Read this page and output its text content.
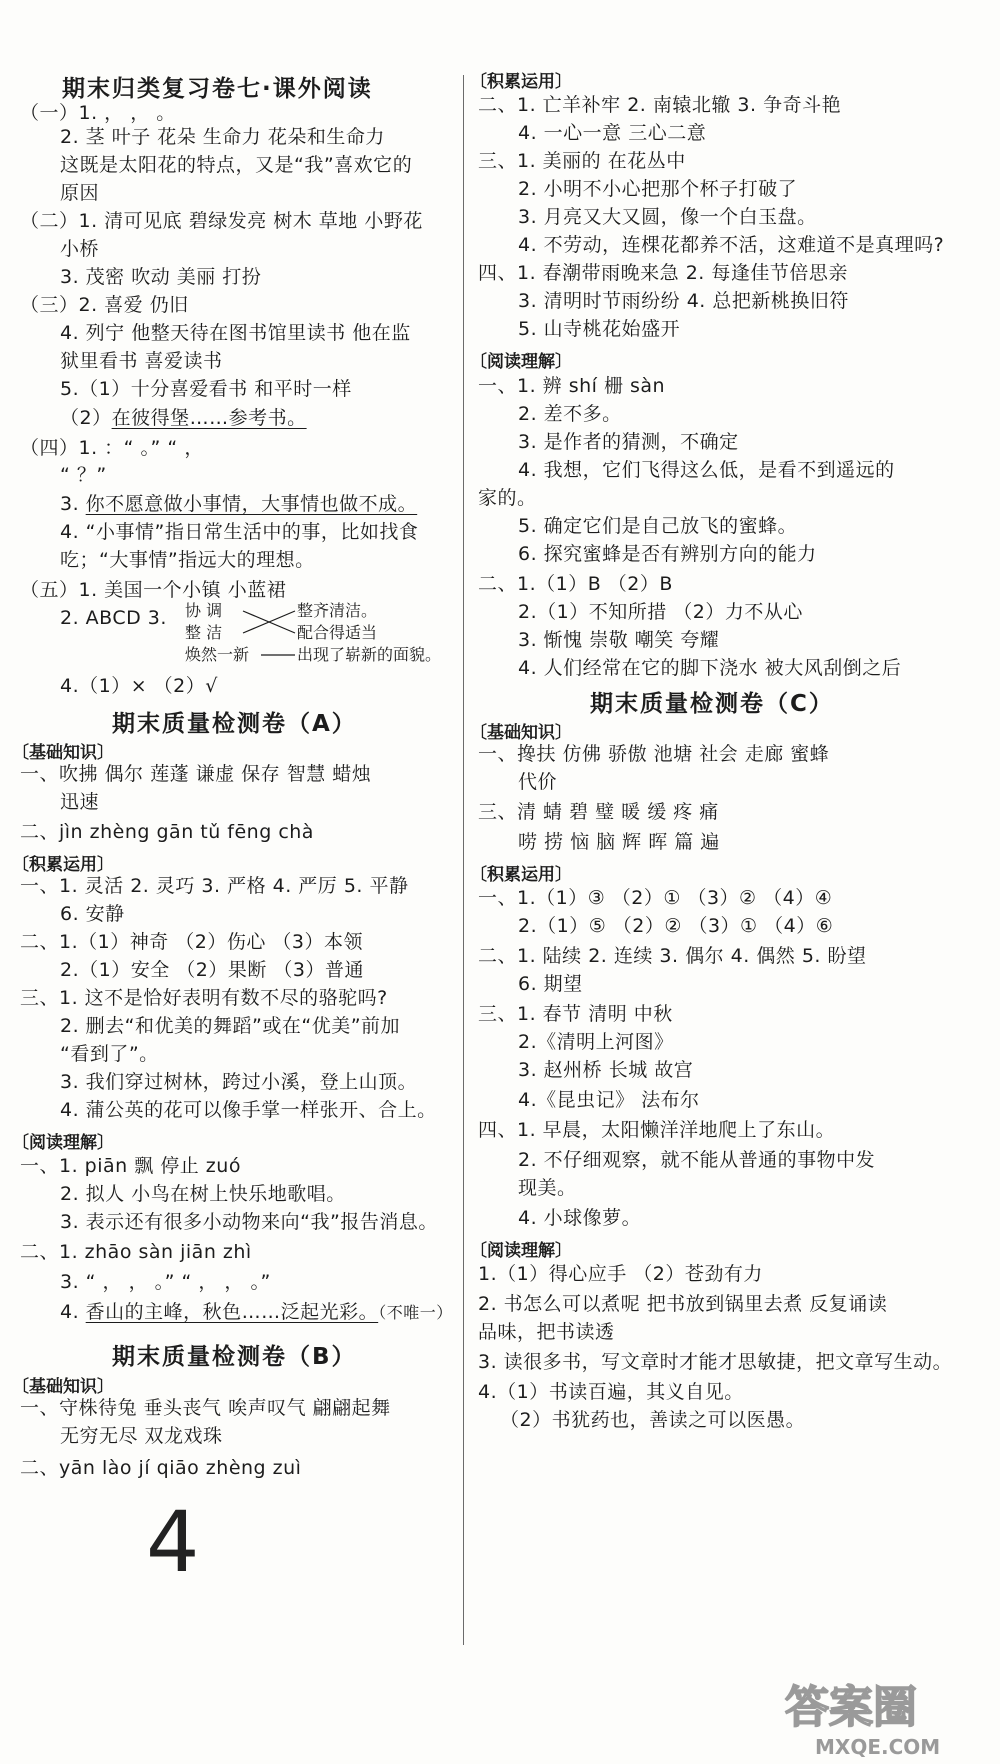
期末归类复习卷七·课外阅读
（一）1. ， ， 。
2. 茎 叶子 花朵 生命力 花朵和生命力
这既是太阳花的特点，又是“我”喜欢它的
原因
（二）1. 清可见底 碧绿发亮 树木 草地 小野花
小桥
3. 茂密 吹动 美丽 打扮
（三）2. 喜爱 仍旧
4. 列宁 他整天待在图书馆里读书 他在监
狱里看书 喜爱读书
5.（1）十分喜爱看书 和平时一样
（2）在彼得堡……参考书。
（四）1. ：“ 。” “ ，
“ ？”
3. 你不愿意做小事情，大事情也做不成。
4. “小事情”指日常生活中的事，比如找食
吃；“大事情”指远大的理想。
（五）1. 美国一个小镇 小蓝裙
2. ABCD 3. 协 调
整 洁
焕然一新
整齐清洁。
配合得适当
出现了崭新的面貌。
4.（1）× （2）√
期末质量检测卷（A）
〔基础知识〕
一、吹拂 偶尔 莲蓬 谦虚 保存 智慧 蜡烛
迅速
二、jìn zhèng gān tǔ fēng chà
〔积累运用〕
一、1. 灵活 2. 灵巧 3. 严格 4. 严厉 5. 平静
6. 安静
二、1.（1）神奇 （2）伤心 （3）本领
2.（1）安全 （2）果断 （3）普通
三、1. 这不是恰好表明有数不尽的骆驼吗?
2. 删去“和优美的舞蹈”或在“优美”前加
“看到了”。
3. 我们穿过树林，跨过小溪，登上山顶。
4. 蒲公英的花可以像手掌一样张开、合上。
〔阅读理解〕
一、1. piān 飘 停止 zuó
2. 拟人 小鸟在树上快乐地歌唱。
3. 表示还有很多小动物来向“我”报告消息。
二、1. zhāo sàn jiān zhì
3. “ ， ， 。” “ ， ， 。”
4. 香山的主峰，秋色……泛起光彩。（不唯一）
期末质量检测卷（B）
〔基础知识〕
一、守株待兔 垂头丧气 唉声叹气 翩翩起舞
无穷无尽 双龙戏珠
二、yān lào jí qiāo zhèng zuì
4
〔积累运用〕
二、1. 亡羊补牢 2. 南辕北辙 3. 争奇斗艳
4. 一心一意 三心二意
三、1. 美丽的 在花丛中
2. 小明不小心把那个杯子打破了
3. 月亮又大又圆，像一个白玉盘。
4. 不劳动，连棵花都养不活，这难道不是真理吗?
四、1. 春潮带雨晚来急 2. 每逢佳节倍思亲
3. 清明时节雨纷纷 4. 总把新桃换旧符
5. 山寺桃花始盛开
〔阅读理解〕
一、1. 辨 shí 栅 sàn
2. 差不多。
3. 是作者的猜测，不确定
4. 我想，它们飞得这么低，是看不到遥远的
家的。
5. 确定它们是自己放飞的蜜蜂。
6. 探究蜜蜂是否有辨别方向的能力
二、1.（1）B （2）B
2.（1）不知所措 （2）力不从心
3. 惭愧 崇敬 嘲笑 夸耀
4. 人们经常在它的脚下浇水 被大风刮倒之后
期末质量检测卷（C）
〔基础知识〕
一、搀扶 仿佛 骄傲 池塘 社会 走廊 蜜蜂
代价
三、清 蜻 碧 璧 暖 缓 疼 痛
唠 捞 恼 脑 辉 晖 篇 遍
〔积累运用〕
一、1.（1）③ （2）① （3）② （4）④
2.（1）⑤ （2）② （3）① （4）⑥
二、1. 陆续 2. 连续 3. 偶尔 4. 偶然 5. 盼望
6. 期望
三、1. 春节 清明 中秋
2.《清明上河图》
3. 赵州桥 长城 故宫
4.《昆虫记》 法布尔
四、1. 早晨，太阳懒洋洋地爬上了东山。
2. 不仔细观察，就不能从普通的事物中发
现美。
4. 小球像萝。
〔阅读理解〕
1.（1）得心应手 （2）苍劲有力
2. 书怎么可以煮呢 把书放到锅里去煮 反复诵读
品味，把书读透
3. 读很多书，写文章时才能才思敏捷，把文章写生动。
4.（1）书读百遍，其义自见。
（2）书犹药也，善读之可以医愚。
答案圈
MXQE.COM
